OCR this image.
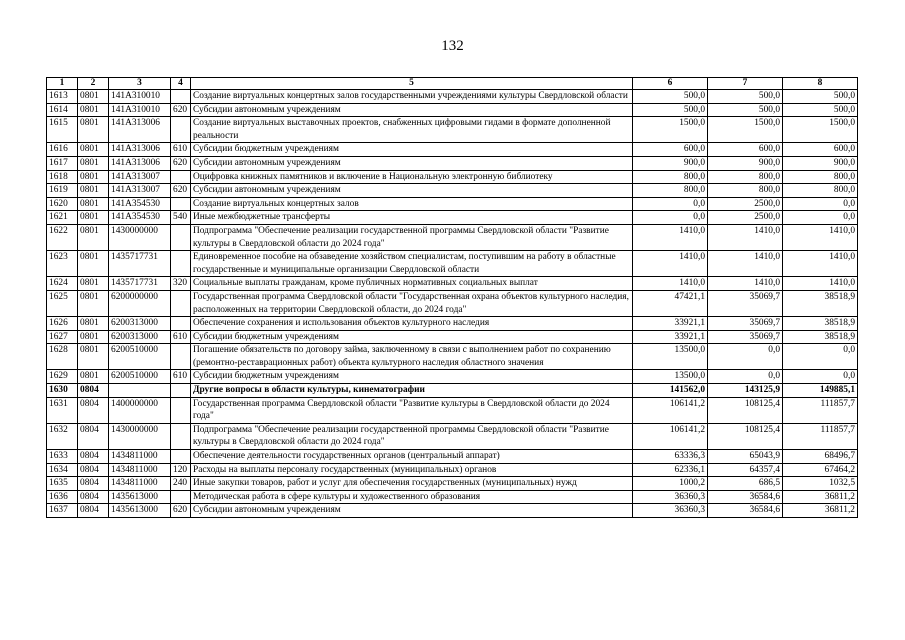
132
1	2	3	4	5	6	7	8
1613	0801	141A310010		Создание виртуальных концертных залов государственными учреждениями культуры Свердловской области	500,0	500,0	500,0
1614	0801	141A310010	620	Субсидии автономным учреждениям	500,0	500,0	500,0
1615	0801	141A313006		Создание виртуальных выставочных проектов, снабженных цифровыми гидами в формате дополненной реальности	1500,0	1500,0	1500,0
1616	0801	141A313006	610	Субсидии бюджетным учреждениям	600,0	600,0	600,0
1617	0801	141A313006	620	Субсидии автономным учреждениям	900,0	900,0	900,0
1618	0801	141A313007		Оцифровка книжных памятников и включение в Национальную электронную библиотеку	800,0	800,0	800,0
1619	0801	141A313007	620	Субсидии автономным учреждениям	800,0	800,0	800,0
1620	0801	141A354530		Создание виртуальных концертных залов	0,0	2500,0	0,0
1621	0801	141A354530	540	Иные межбюджетные трансферты	0,0	2500,0	0,0
1622	0801	1430000000		Подпрограмма "Обеспечение реализации государственной программы Свердловской области "Развитие культуры в Свердловской области до 2024 года"	1410,0	1410,0	1410,0
1623	0801	1435717731		Единовременное пособие на обзаведение хозяйством специалистам, поступившим на работу в областные государственные и муниципальные организации Свердловской области	1410,0	1410,0	1410,0
1624	0801	1435717731	320	Социальные выплаты гражданам, кроме публичных нормативных социальных выплат	1410,0	1410,0	1410,0
1625	0801	6200000000		Государственная программа Свердловской области "Государственная охрана объектов культурного наследия, расположенных на территории Свердловской области, до 2024 года"	47421,1	35069,7	38518,9
1626	0801	6200313000		Обеспечение сохранения и использования объектов культурного наследия	33921,1	35069,7	38518,9
1627	0801	6200313000	610	Субсидии бюджетным учреждениям	33921,1	35069,7	38518,9
1628	0801	6200510000		Погашение обязательств по договору займа, заключенному в связи с выполнением работ по сохранению (ремонтно-реставрационных работ) объекта культурного наследия областного значения	13500,0	0,0	0,0
1629	0801	6200510000	610	Субсидии бюджетным учреждениям	13500,0	0,0	0,0
1630	0804			Другие вопросы в области культуры, кинематографии	141562,0	143125,9	149885,1
1631	0804	1400000000		Государственная программа Свердловской области "Развитие культуры в Свердловской области до 2024 года"	106141,2	108125,4	111857,7
1632	0804	1430000000		Подпрограмма "Обеспечение реализации государственной программы Свердловской области "Развитие культуры в Свердловской области до 2024 года"	106141,2	108125,4	111857,7
1633	0804	1434811000		Обеспечение деятельности государственных органов (центральный аппарат)	63336,3	65043,9	68496,7
1634	0804	1434811000	120	Расходы на выплаты персоналу государственных (муниципальных) органов	62336,1	64357,4	67464,2
1635	0804	1434811000	240	Иные закупки товаров, работ и услуг для обеспечения государственных (муниципальных) нужд	1000,2	686,5	1032,5
1636	0804	1435613000		Методическая работа в сфере культуры и художественного образования	36360,3	36584,6	36811,2
1637	0804	1435613000	620	Субсидии автономным учреждениям	36360,3	36584,6	36811,2
